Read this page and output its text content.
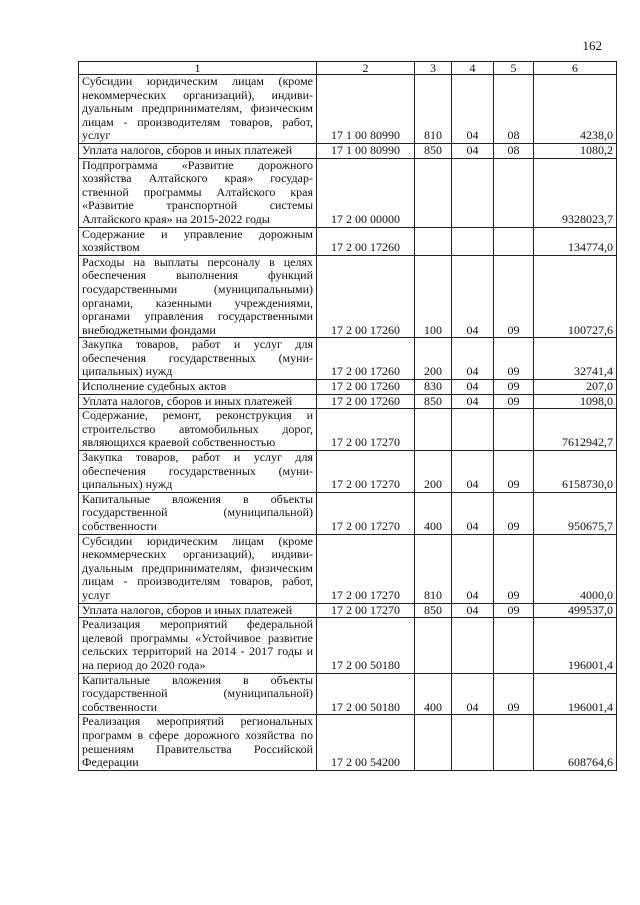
162
1	2	3	4	5	6
Субсидии юридическим лицам (кроме некоммерческих организаций), индивидуальным предпринимателям, физическим лицам - производителям товаров, работ, услуг	17 1 00 80990	810	04	08	4238,0
Уплата налогов, сборов и иных платежей	17 1 00 80990	850	04	08	1080,2
Подпрограмма «Развитие дорожного хозяйства Алтайского края» государственной программы Алтайского края «Развитие транспортной системы Алтайского края» на 2015-2022 годы	17 2 00 00000				9328023,7
Содержание и управление дорожным хозяйством	17 2 00 17260				134774,0
Расходы на выплаты персоналу в целях обеспечения выполнения функций государственными (муниципальными) органами, казенными учреждениями, органами управления государственными внебюджетными фондами	17 2 00 17260	100	04	09	100727,6
Закупка товаров, работ и услуг для обеспечения государственных (муниципальных) нужд	17 2 00 17260	200	04	09	32741,4
Исполнение судебных актов	17 2 00 17260	830	04	09	207,0
Уплата налогов, сборов и иных платежей	17 2 00 17260	850	04	09	1098,0
Содержание, ремонт, реконструкция и строительство автомобильных дорог, являющихся краевой собственностью	17 2 00 17270				7612942,7
Закупка товаров, работ и услуг для обеспечения государственных (муниципальных) нужд	17 2 00 17270	200	04	09	6158730,0
Капитальные вложения в объекты государственной (муниципальной) собственности	17 2 00 17270	400	04	09	950675,7
Субсидии юридическим лицам (кроме некоммерческих организаций), индивидуальным предпринимателям, физическим лицам - производителям товаров, работ, услуг	17 2 00 17270	810	04	09	4000,0
Уплата налогов, сборов и иных платежей	17 2 00 17270	850	04	09	499537,0
Реализация мероприятий федеральной целевой программы «Устойчивое развитие сельских территорий на 2014 - 2017 годы и на период до 2020 года»	17 2 00 50180				196001,4
Капитальные вложения в объекты государственной (муниципальной) собственности	17 2 00 50180	400	04	09	196001,4
Реализация мероприятий региональных программ в сфере дорожного хозяйства по решениям Правительства Российской Федерации	17 2 00 54200				608764,6
